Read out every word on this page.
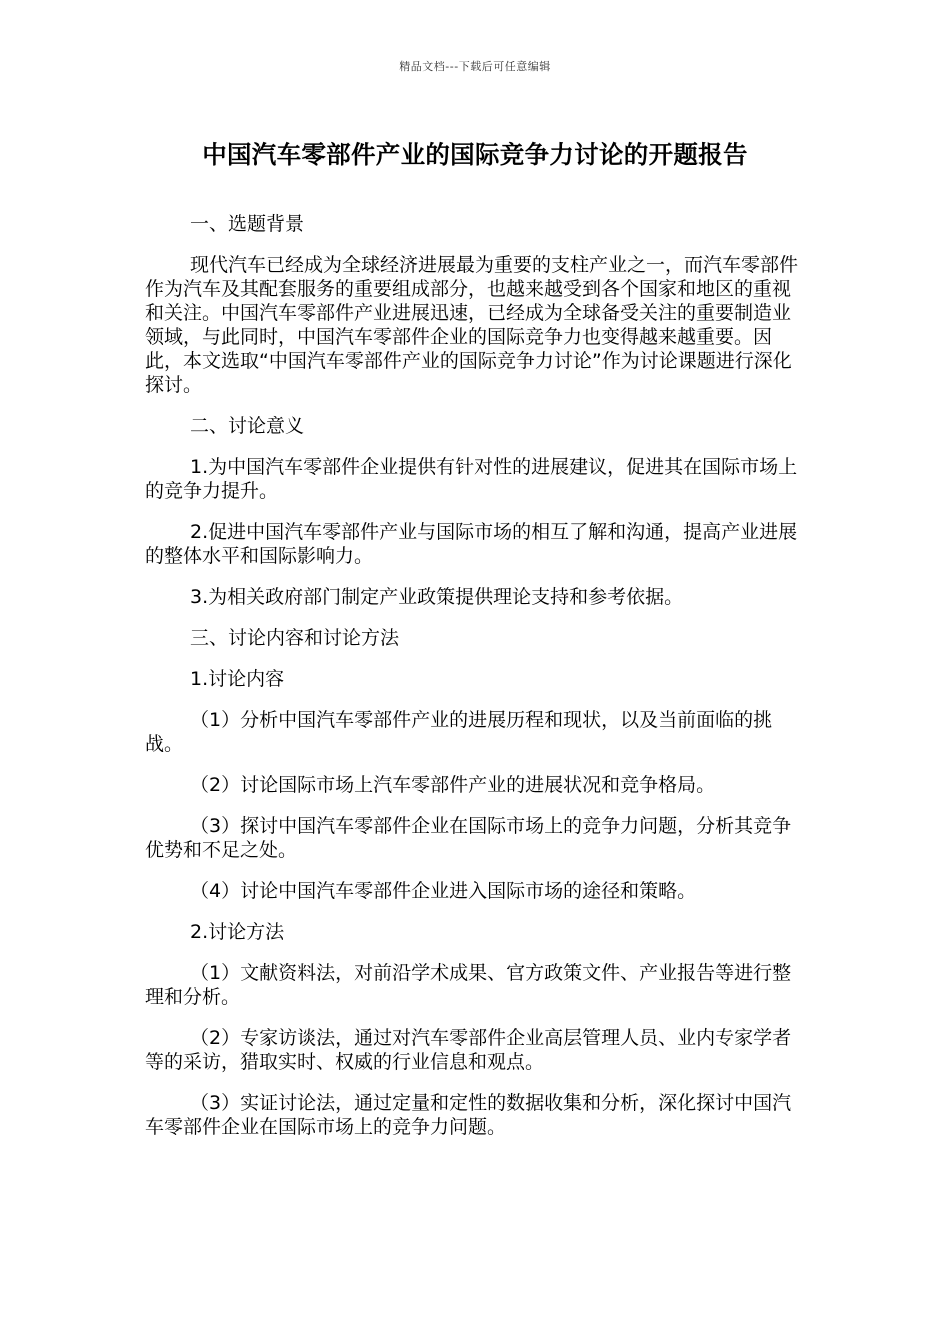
精品文档---下载后可任意编辑
中国汽车零部件产业的国际竞争力讨论的开题报告

一、选题背景

现代汽车已经成为全球经济进展最为重要的支柱产业之一，而汽车零部件作为汽车及其配套服务的重要组成部分，也越来越受到各个国家和地区的重视和关注。中国汽车零部件产业进展迅速，已经成为全球备受关注的重要制造业领域，与此同时，中国汽车零部件企业的国际竞争力也变得越来越重要。因此，本文选取“中国汽车零部件产业的国际竞争力讨论”作为讨论课题进行深化探讨。

二、讨论意义

1.为中国汽车零部件企业提供有针对性的进展建议，促进其在国际市场上的竞争力提升。

2.促进中国汽车零部件产业与国际市场的相互了解和沟通，提高产业进展的整体水平和国际影响力。

3.为相关政府部门制定产业政策提供理论支持和参考依据。

三、讨论内容和讨论方法

1.讨论内容

（1）分析中国汽车零部件产业的进展历程和现状，以及当前面临的挑战。

（2）讨论国际市场上汽车零部件产业的进展状况和竞争格局。

（3）探讨中国汽车零部件企业在国际市场上的竞争力问题，分析其竞争优势和不足之处。

（4）讨论中国汽车零部件企业进入国际市场的途径和策略。

2.讨论方法

（1）文献资料法，对前沿学术成果、官方政策文件、产业报告等进行整理和分析。

（2）专家访谈法，通过对汽车零部件企业高层管理人员、业内专家学者等的采访，猎取实时、权威的行业信息和观点。

（3）实证讨论法，通过定量和定性的数据收集和分析，深化探讨中国汽车零部件企业在国际市场上的竞争力问题。
